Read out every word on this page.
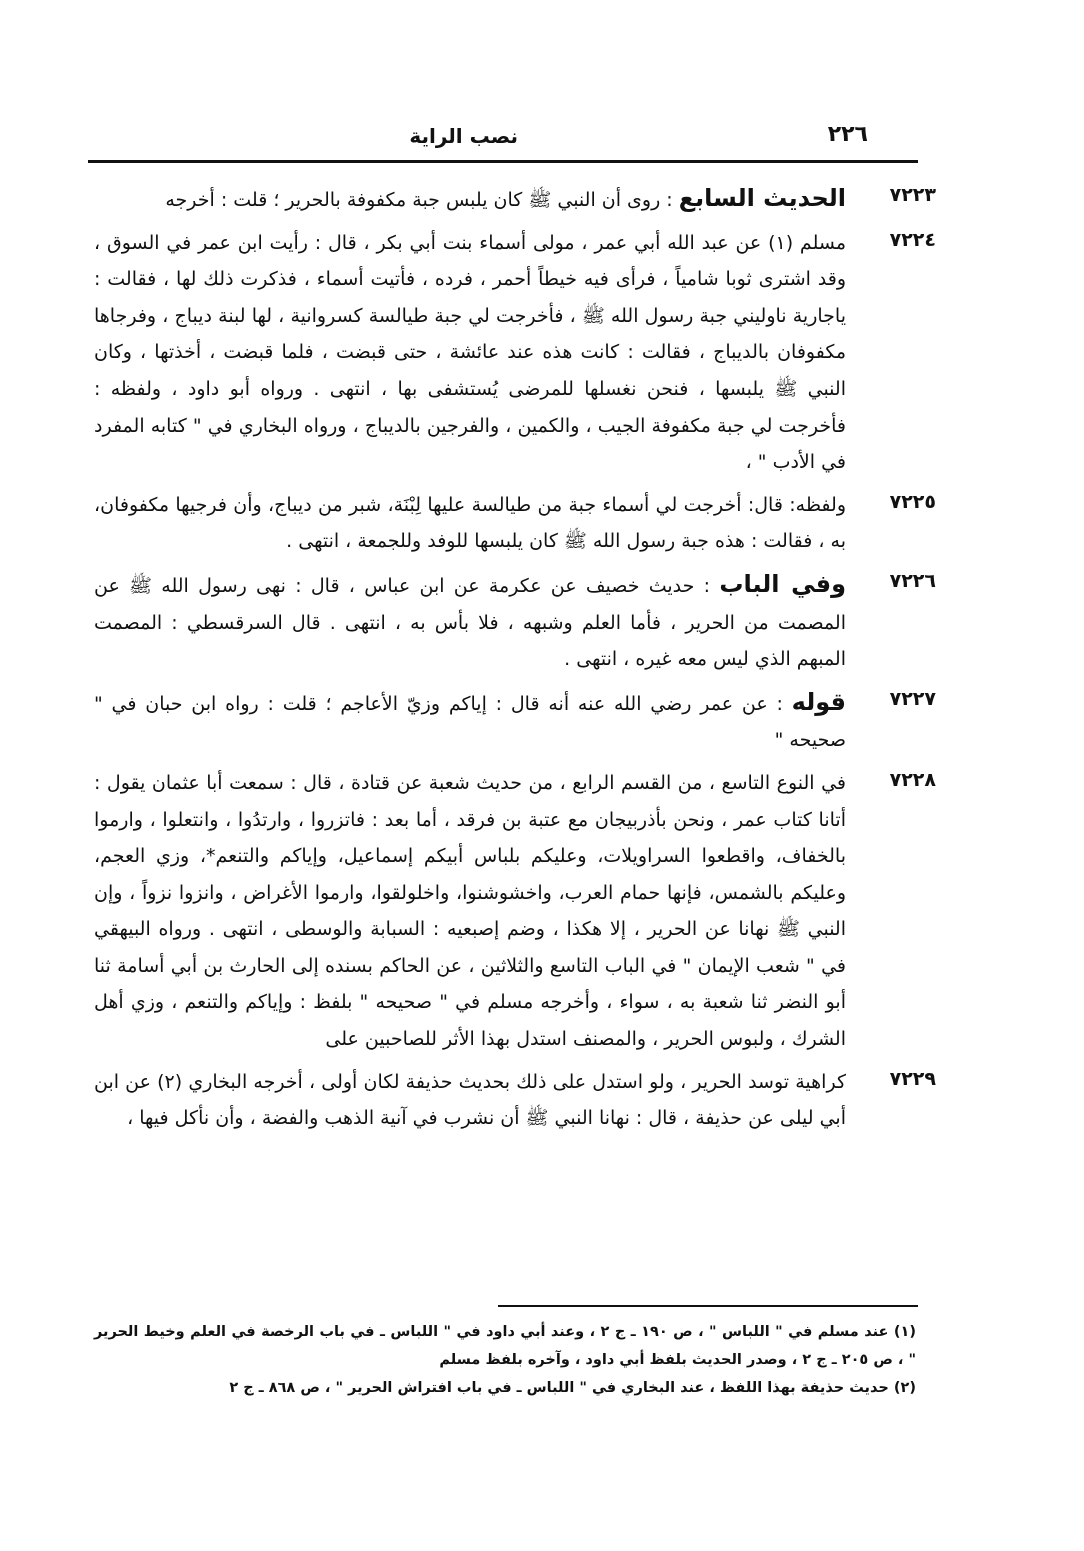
٢٢٦
نصب الراية
٧٢٢٣
الحديث السابع : روى أن النبي ﷺ كان يلبس جبة مكفوفة بالحرير ؛ قلت : أخرجه
٧٢٢٤
مسلم (١) عن عبد الله أبي عمر ، مولى أسماء بنت أبي بكر ، قال : رأيت ابن عمر في السوق ، وقد اشترى ثوبا شامياً ، فرأى فيه خيطاً أحمر ، فرده ، فأتيت أسماء ، فذكرت ذلك لها ، فقالت : ياجارية ناوليني جبة رسول الله ﷺ ، فأخرجت لي جبة طيالسة كسروانية ، لها لبنة ديباج ، وفرجاها مكفوفان بالديباج ، فقالت : كانت هذه عند عائشة ، حتى قبضت ، فلما قبضت ، أخذتها ، وكان النبي ﷺ يلبسها ، فنحن نغسلها للمرضى يُستشفى بها ، انتهى . ورواه أبو داود ، ولفظه : فأخرجت لي جبة مكفوفة الجيب ، والكمين ، والفرجين بالديباج ، ورواه البخاري في " كتابه المفرد في الأدب " ،
٧٢٢٥
ولفظه: قال: أخرجت لي أسماء جبة من طيالسة عليها لِبْنَة، شبر من ديباج، وأن فرجيها مكفوفان، به ، فقالت : هذه جبة رسول الله ﷺ كان يلبسها للوفد وللجمعة ، انتهى .
٧٢٢٦
وفي الباب : حديث خصيف عن عكرمة عن ابن عباس ، قال : نهى رسول الله ﷺ عن المصمت من الحرير ، فأما العلم وشبهه ، فلا بأس به ، انتهى . قال السرقسطي : المصمت المبهم الذي ليس معه غيره ، انتهى .
٧٢٢٧
قوله : عن عمر رضي الله عنه أنه قال : إياكم وزيّ الأعاجم ؛ قلت : رواه ابن حبان في " صحيحه "
٧٢٢٨
في النوع التاسع ، من القسم الرابع ، من حديث شعبة عن قتادة ، قال : سمعت أبا عثمان يقول : أتانا كتاب عمر ، ونحن بأذربيجان مع عتبة بن فرقد ، أما بعد : فاتزروا ، وارتدُوا ، وانتعلوا ، وارموا بالخفاف، واقطعوا السراويلات، وعليكم بلباس أبيكم إسماعيل، وإياكم والتنعم*، وزي العجم، وعليكم بالشمس، فإنها حمام العرب، واخشوشنوا، واخلولقوا، وارموا الأغراض ، وانزوا نزواً ، وإن النبي ﷺ نهانا عن الحرير ، إلا هكذا ، وضم إصبعيه : السبابة والوسطى ، انتهى . ورواه البيهقي في " شعب الإيمان " في الباب التاسع والثلاثين ، عن الحاكم بسنده إلى الحارث بن أبي أسامة ثنا أبو النضر ثنا شعبة به ، سواء ، وأخرجه مسلم في " صحيحه " بلفظ : وإياكم والتنعم ، وزي أهل الشرك ، ولبوس الحرير ، والمصنف استدل بهذا الأثر للصاحبين على
٧٢٢٩
كراهية توسد الحرير ، ولو استدل على ذلك بحديث حذيفة لكان أولى ، أخرجه البخاري (٢) عن ابن أبي ليلى عن حذيفة ، قال : نهانا النبي ﷺ أن نشرب في آنية الذهب والفضة ، وأن نأكل فيها ،

(١) عند مسلم في " اللباس " ، ص ١٩٠ ـ ج ٢ ، وعند أبي داود في " اللباس ـ في باب الرخصة في العلم وخيط الحرير " ، ص ٢٠٥ ـ ج ٢ ، وصدر الحديث بلفظ أبي داود ، وآخره بلفظ مسلم

(٢) حديث حذيفة بهذا اللفظ ، عند البخاري في " اللباس ـ في باب افتراش الحرير " ، ص ٨٦٨ ـ ج ٢
